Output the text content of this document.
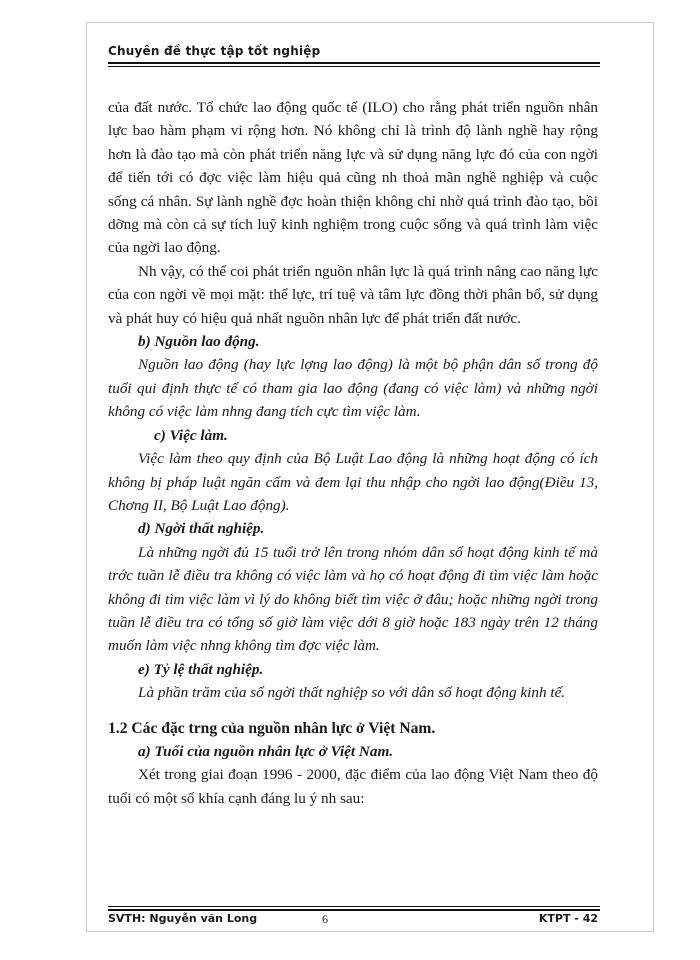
Chuyên đề thực tập tốt nghiệp

của đất nước. Tổ chức lao động quốc tế (ILO) cho rằng phát triển nguồn nhân lực bao hàm phạm vi rộng hơn. Nó không chỉ là trình độ lành nghề hay rộng hơn là đào tạo mà còn phát triển năng lực và sử dụng năng lực đó của con ngời để tiến tới có đợc việc làm hiệu quả cũng nh thoả mãn nghề nghiệp và cuộc sống cá nhân. Sự lành nghề đợc hoàn thiện không chỉ nhờ quá trình đào tạo, bồi dỡng mà còn cả sự tích luỹ kinh nghiệm trong cuộc sống và quá trình làm việc của ngời lao động.

Nh vậy, có thể coi phát triển nguồn nhân lực là quá trình nâng cao năng lực của con ngời về mọi mặt: thể lực, trí tuệ và tâm lực đồng thời phân bổ, sử dụng và phát huy có hiệu quả nhất nguồn nhân lực để phát triển đất nước.

b) Nguồn lao động.

Nguồn lao động (hay lực lợng lao động) là một bộ phận dân số trong độ tuổi qui định thực tế có tham gia lao động (đang có việc làm) và những ngời không có việc làm nhng đang tích cực tìm việc làm.

c) Việc làm.

Việc làm theo quy định của Bộ Luật Lao động là những hoạt động có ích không bị pháp luật ngăn cấm và đem lại thu nhập cho ngời lao động(Điều 13, Chơng II, Bộ Luật Lao động).

d) Ngời thất nghiệp.

Là những ngời đủ 15 tuổi trở lên trong nhóm dân số hoạt động kinh tế mà trớc tuần lễ điều tra không có việc làm và họ có hoạt động đi tìm việc làm hoặc không đi tìm việc làm vì lý do không biết tìm việc ở đâu; hoặc những ngời trong tuần lễ điều tra có tổng số giờ làm việc dới 8 giờ hoặc 183 ngày trên 12 tháng muốn làm việc nhng không tìm đợc việc làm.

e) Tỷ lệ thất nghiệp.

Là phần trăm của số ngời thất nghiệp so với dân số hoạt động kinh tế.

1.2 Các đặc trng của nguồn nhân lực ở Việt Nam.

a) Tuổi của nguồn nhân lực ở Việt Nam.

Xét trong giai đoạn 1996 - 2000, đặc điểm của lao động Việt Nam theo độ tuổi có một số khía cạnh đáng lu ý nh sau:

SVTH: Nguyễn văn Long	6	KTPT - 42
